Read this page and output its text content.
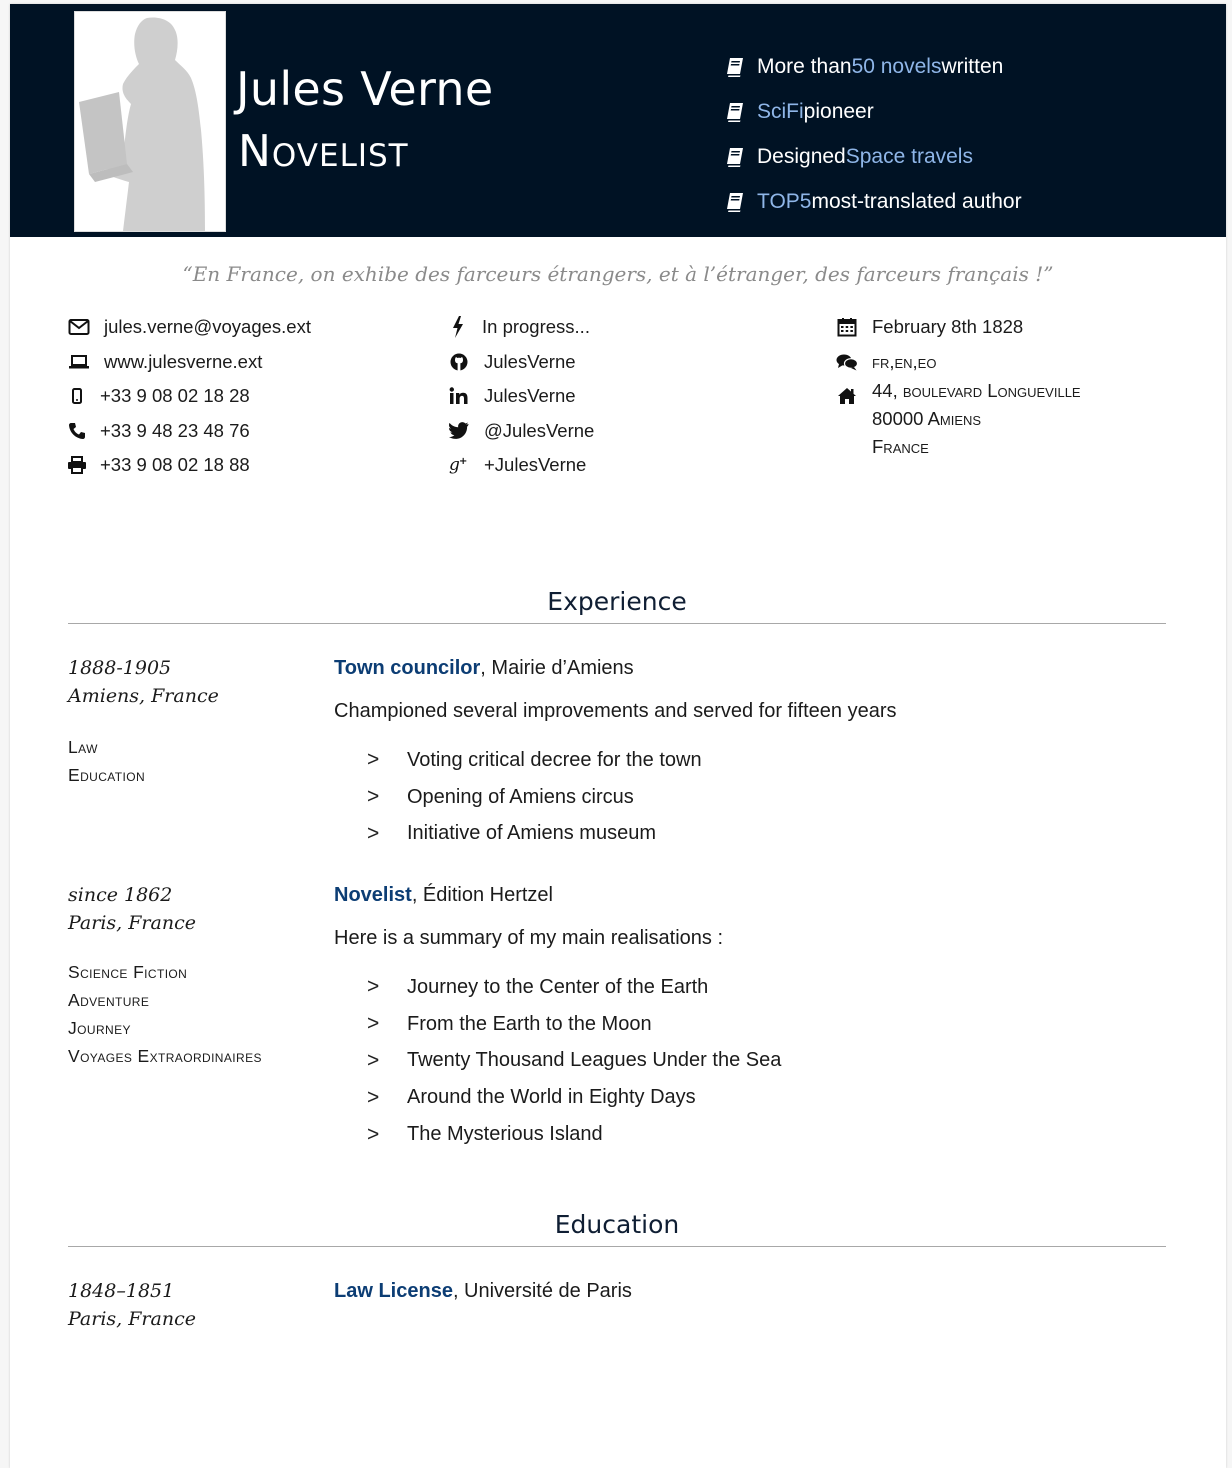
Jules Verne
Novelist
More than 50 novels written
SciFi pioneer
Designed Space travels
TOP5 most-translated author
“En France, on exhibe des farceurs étrangers, et à l’étranger, des farceurs français !”
jules.verne@voyages.ext
www.julesverne.ext
+33 9 08 02 18 28
+33 9 48 23 48 76
+33 9 08 02 18 88
In progress...
JulesVerne
JulesVerne
@JulesVerne
g + +JulesVerne
February 8th 1828
fr,en,eo
44, boulevard Longueville
80000 Amiens
France
Experience
1888-1905
Amiens, France
Law
Education
Town councilor, Mairie d’Amiens
Championed several improvements and served for fifteen years
>	Voting critical decree for the town
>	Opening of Amiens circus
>	Initiative of Amiens museum
since 1862
Paris, France
Science Fiction
Adventure
Journey
Voyages Extraordinaires
Novelist, Édition Hertzel
Here is a summary of my main realisations :
>	Journey to the Center of the Earth
>	From the Earth to the Moon
>	Twenty Thousand Leagues Under the Sea
>	Around the World in Eighty Days
>	The Mysterious Island
Education
1848–1851
Paris, France
Law License, Université de Paris
